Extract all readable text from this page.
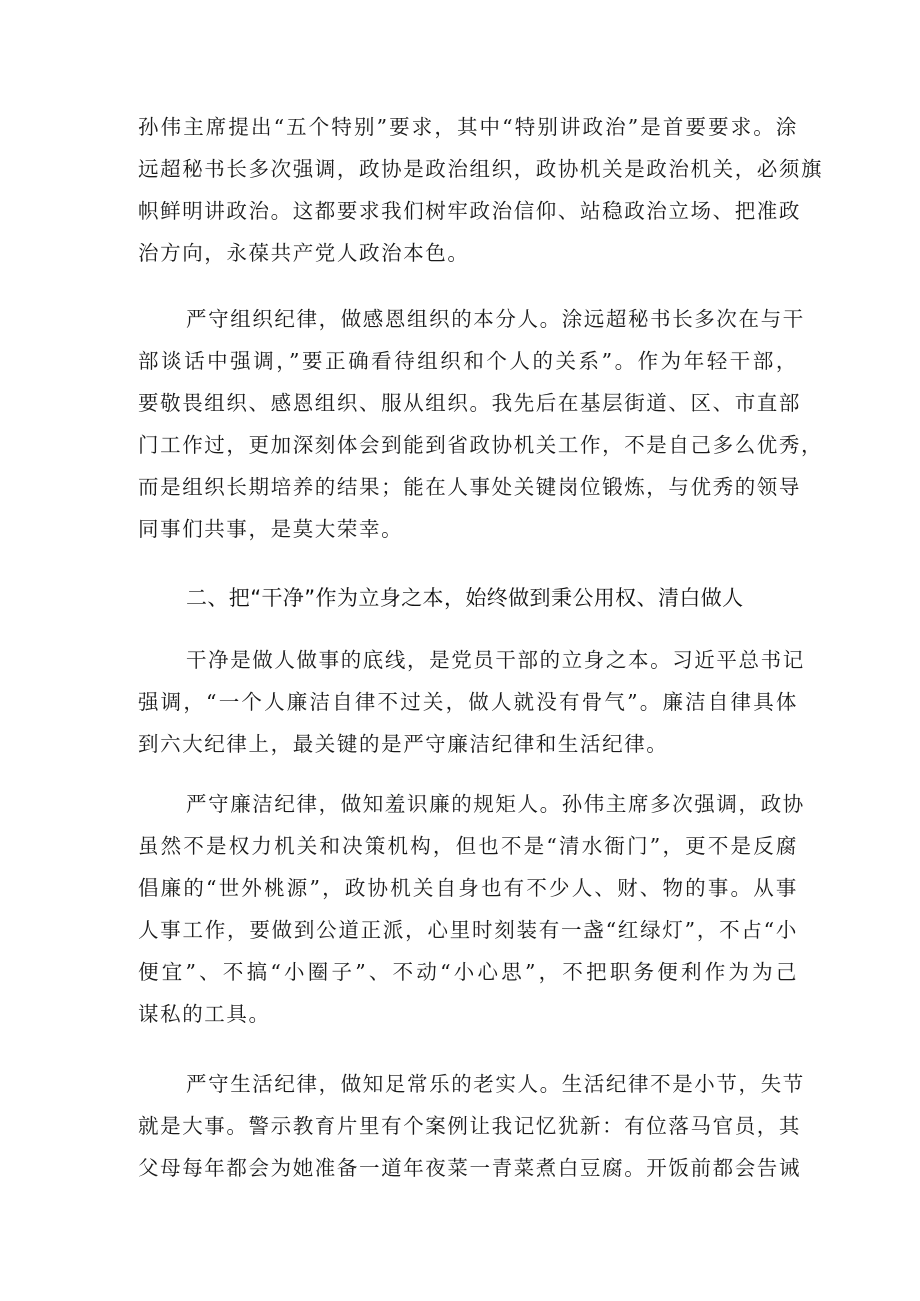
孙伟主席提出“五个特别”要求，其中“特别讲政治”是首要要求。涂
远超秘书长多次强调，政协是政治组织，政协机关是政治机关，必须旗
帜鲜明讲政治。这都要求我们树牢政治信仰、站稳政治立场、把准政
治方向，永葆共产党人政治本色。
严守组织纪律，做感恩组织的本分人。涂远超秘书长多次在与干
部谈话中强调，”要正确看待组织和个人的关系”。作为年轻干部，
要敬畏组织、感恩组织、服从组织。我先后在基层街道、区、市直部
门工作过，更加深刻体会到能到省政协机关工作，不是自己多么优秀，
而是组织长期培养的结果；能在人事处关键岗位锻炼，与优秀的领导
同事们共事，是莫大荣幸。
二、把“干净”作为立身之本，始终做到秉公用权、清白做人
干净是做人做事的底线，是党员干部的立身之本。习近平总书记
强调，“一个人廉洁自律不过关，做人就没有骨气”。廉洁自律具体
到六大纪律上，最关键的是严守廉洁纪律和生活纪律。
严守廉洁纪律，做知羞识廉的规矩人。孙伟主席多次强调，政协
虽然不是权力机关和决策机构，但也不是“清水衙门”，更不是反腐
倡廉的“世外桃源”，政协机关自身也有不少人、财、物的事。从事
人事工作，要做到公道正派，心里时刻装有一盏“红绿灯”，不占“小
便宜”、不搞“小圈子”、不动“小心思”，不把职务便利作为为己
谋私的工具。
严守生活纪律，做知足常乐的老实人。生活纪律不是小节，失节
就是大事。警示教育片里有个案例让我记忆犹新：有位落马官员，其
父母每年都会为她准备一道年夜菜一青菜煮白豆腐。开饭前都会告诫
